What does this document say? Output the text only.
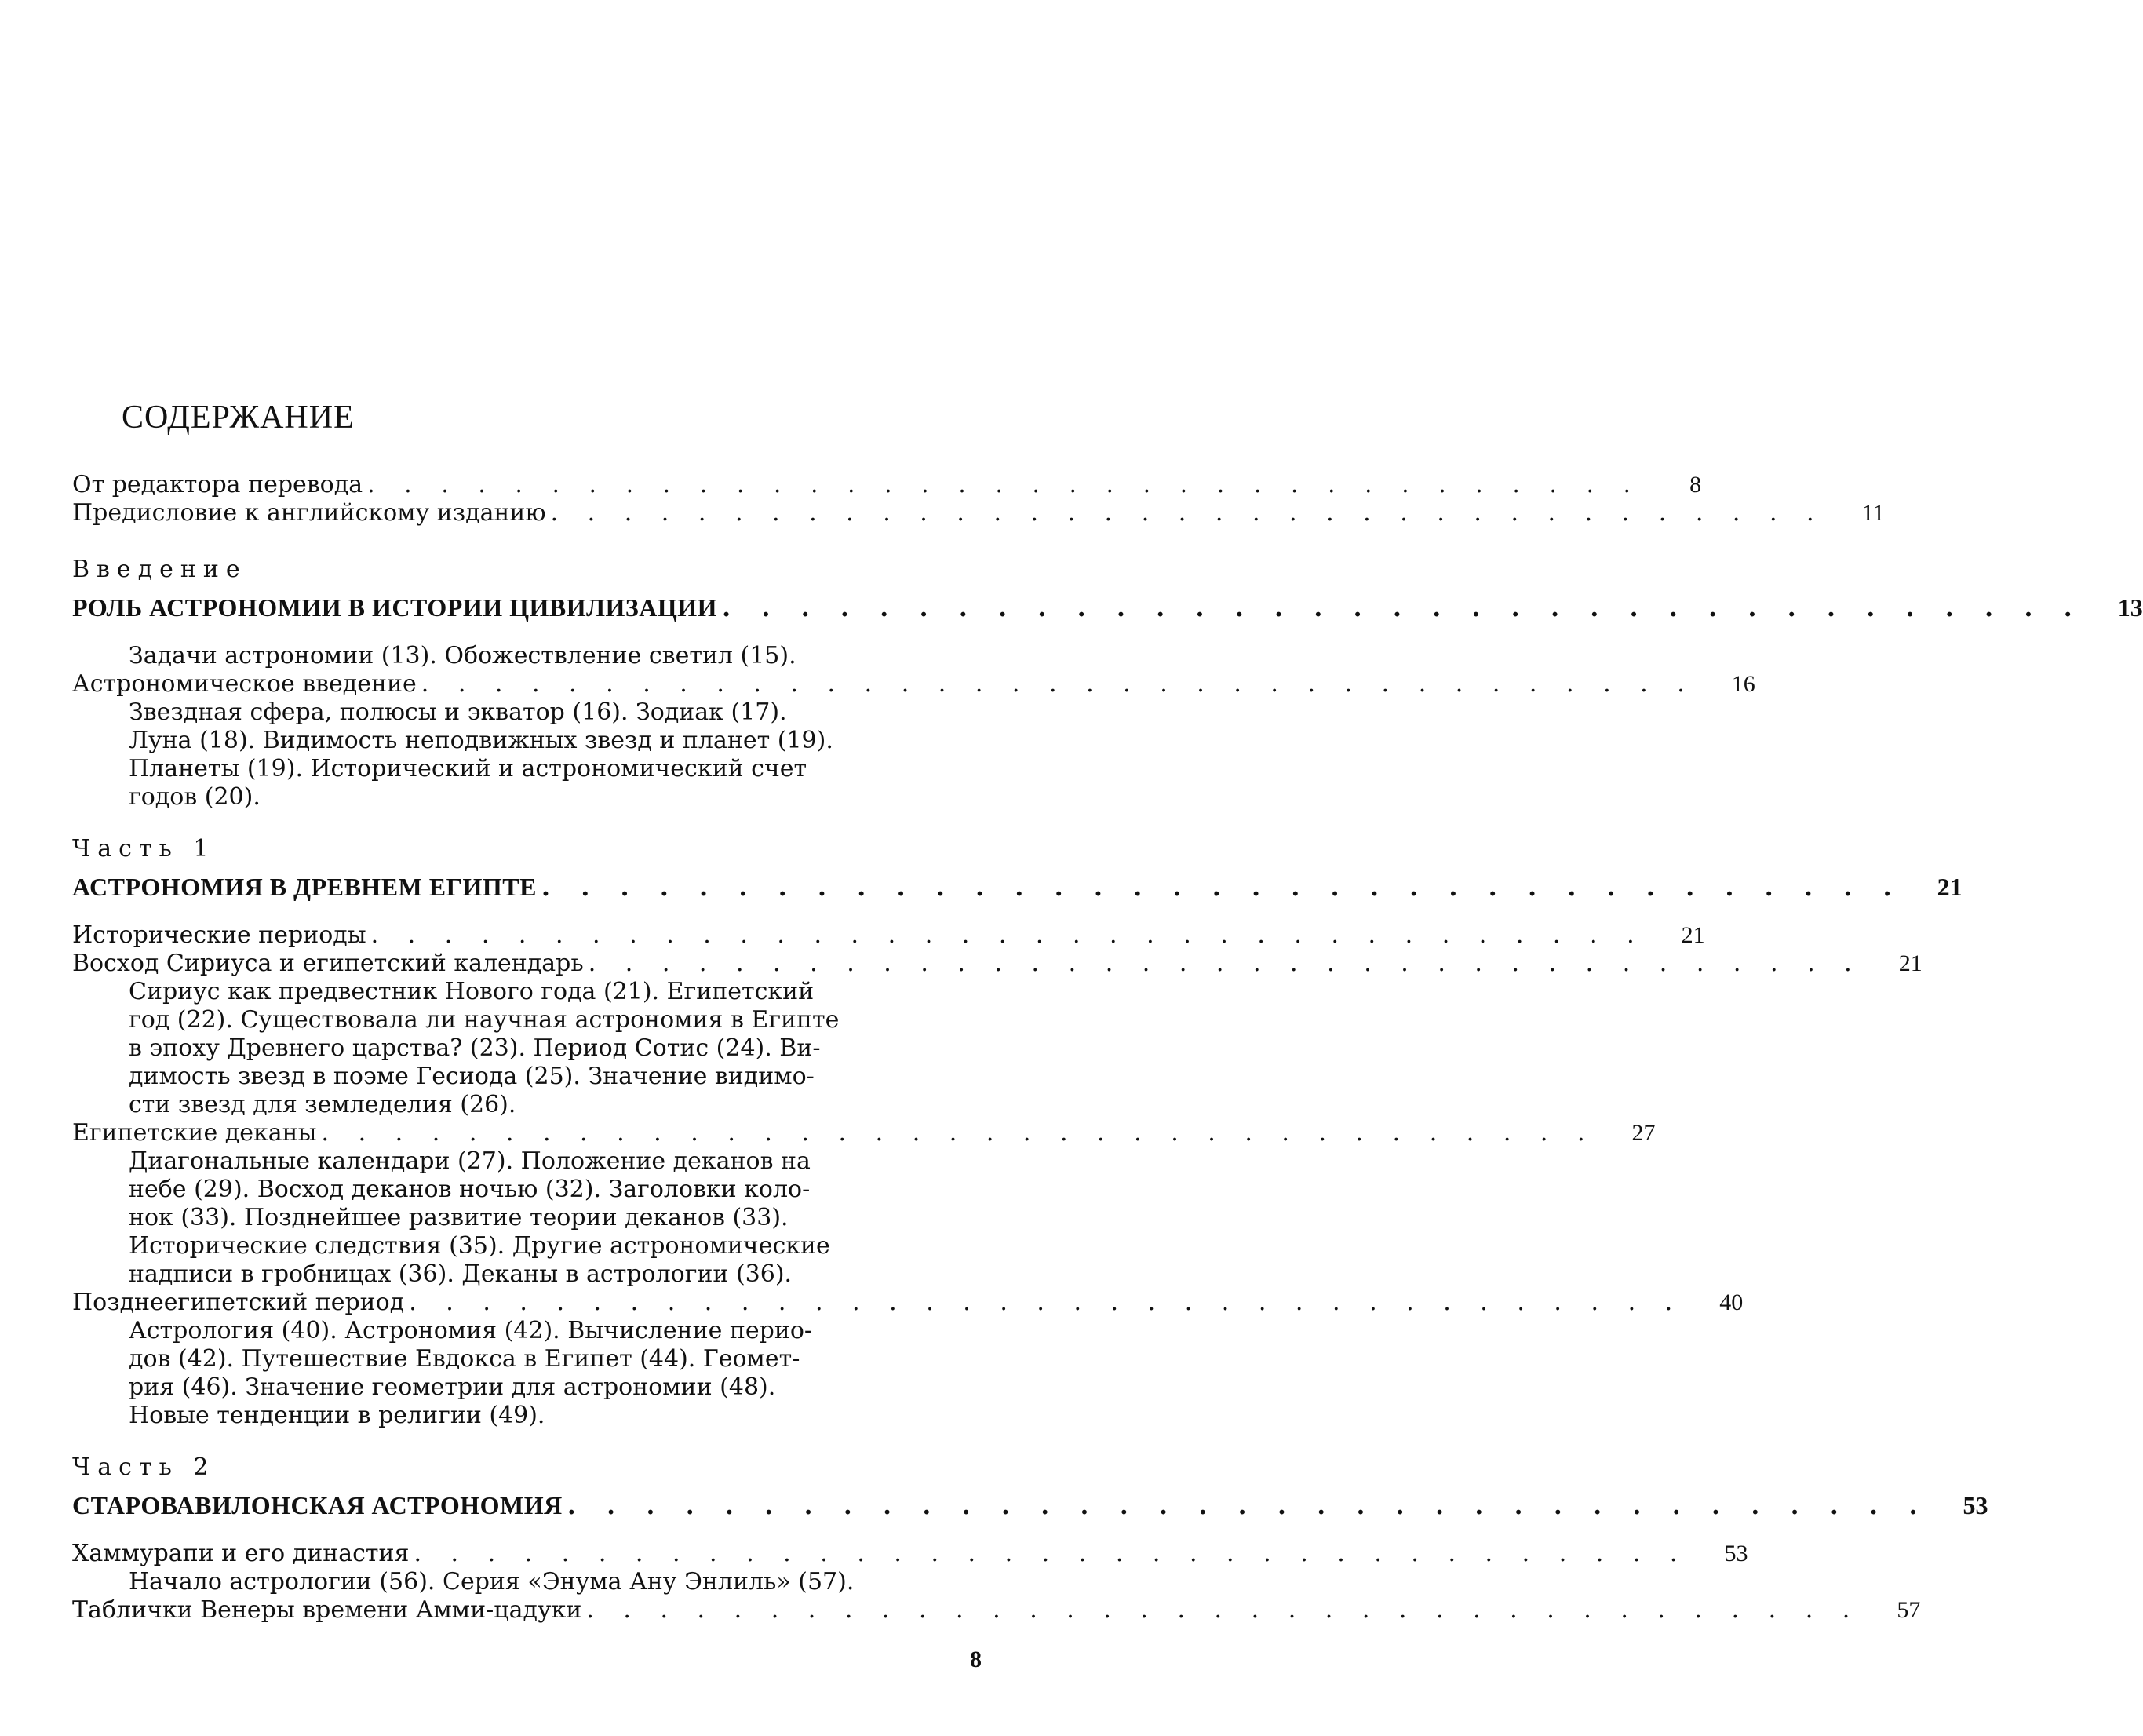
СОДЕРЖАНИЕ
От редактора перевода . . . . . . . . . . . . . . . . . . . . . . . . . . . . . . . . . . .	8
Предисловие к английскому изданию . . . . . . . . . . . . . . . . . . . . . . . . . . . . . . . . . . .	11
Введение
РОЛЬ АСТРОНОМИИ В ИСТОРИИ ЦИВИЛИЗАЦИИ . . . . . . . . . . . . . . . . . . . . . . . . . . . . . . . . . . .	13
Задачи астрономии (13). Обожествление светил (15).
Астрономическое введение . . . . . . . . . . . . . . . . . . . . . . . . . . . . . . . . . . .	16
Звездная сфера, полюсы и экватор (16). Зодиак (17).
Луна (18). Видимость неподвижных звезд и планет (19).
Планеты (19). Исторический и астрономический счет
годов (20).
Часть 1
АСТРОНОМИЯ В ДРЕВНЕМ ЕГИПТЕ . . . . . . . . . . . . . . . . . . . . . . . . . . . . . . . . . . .	21
Исторические периоды . . . . . . . . . . . . . . . . . . . . . . . . . . . . . . . . . . .	21
Восход Сириуса и египетский календарь . . . . . . . . . . . . . . . . . . . . . . . . . . . . . . . . . . .	21
Сириус как предвестник Нового года (21). Египетский
год (22). Существовала ли научная астрономия в Египте
в эпоху Древнего царства? (23). Период Сотис (24). Ви-
димость звезд в поэме Гесиода (25). Значение видимо-
сти звезд для земледелия (26).
Египетские деканы . . . . . . . . . . . . . . . . . . . . . . . . . . . . . . . . . . .	27
Диагональные календари (27). Положение деканов на
небе (29). Восход деканов ночью (32). Заголовки коло-
нок (33). Позднейшее развитие теории деканов (33).
Исторические следствия (35). Другие астрономические
надписи в гробницах (36). Деканы в астрологии (36).
Позднеегипетский период . . . . . . . . . . . . . . . . . . . . . . . . . . . . . . . . . . .	40
Астрология (40). Астрономия (42). Вычисление перио-
дов (42). Путешествие Евдокса в Египет (44). Геомет-
рия (46). Значение геометрии для астрономии (48).
Новые тенденции в религии (49).
Часть 2
СТАРОВАВИЛОНСКАЯ АСТРОНОМИЯ . . . . . . . . . . . . . . . . . . . . . . . . . . . . . . . . . . .	53
Хаммурапи и его династия . . . . . . . . . . . . . . . . . . . . . . . . . . . . . . . . . . .	53
Начало астрологии (56). Серия «Энума Ану Энлиль» (57).
Таблички Венеры времени Амми-цадуки . . . . . . . . . . . . . . . . . . . . . . . . . . . . . . . . . . .	57
8
